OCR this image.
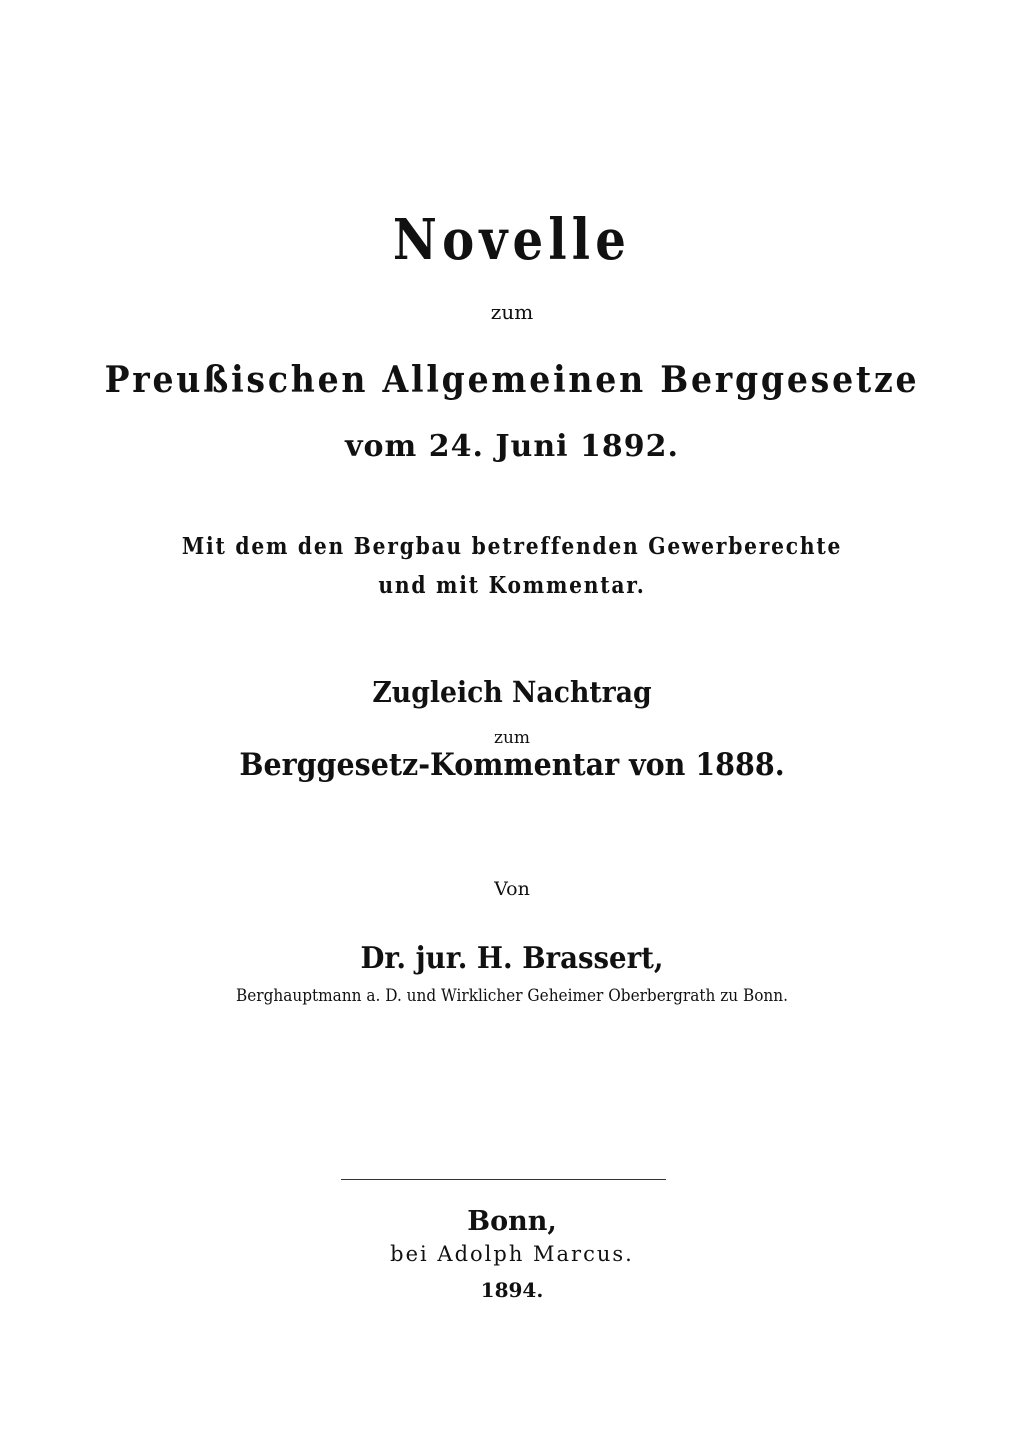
Novelle
zum
Preußischen Allgemeinen Berggesetze
vom 24. Juni 1892.
Mit dem den Bergbau betreffenden Gewerberechte
und mit Kommentar.
Zugleich Nachtrag
zum
Berggesetz-Kommentar von 1888.
Von
Dr. jur. H. Brassert,
Berghauptmann a. D. und Wirklicher Geheimer Oberbergrath zu Bonn.
Bonn,
bei Adolph Marcus.
1894.
